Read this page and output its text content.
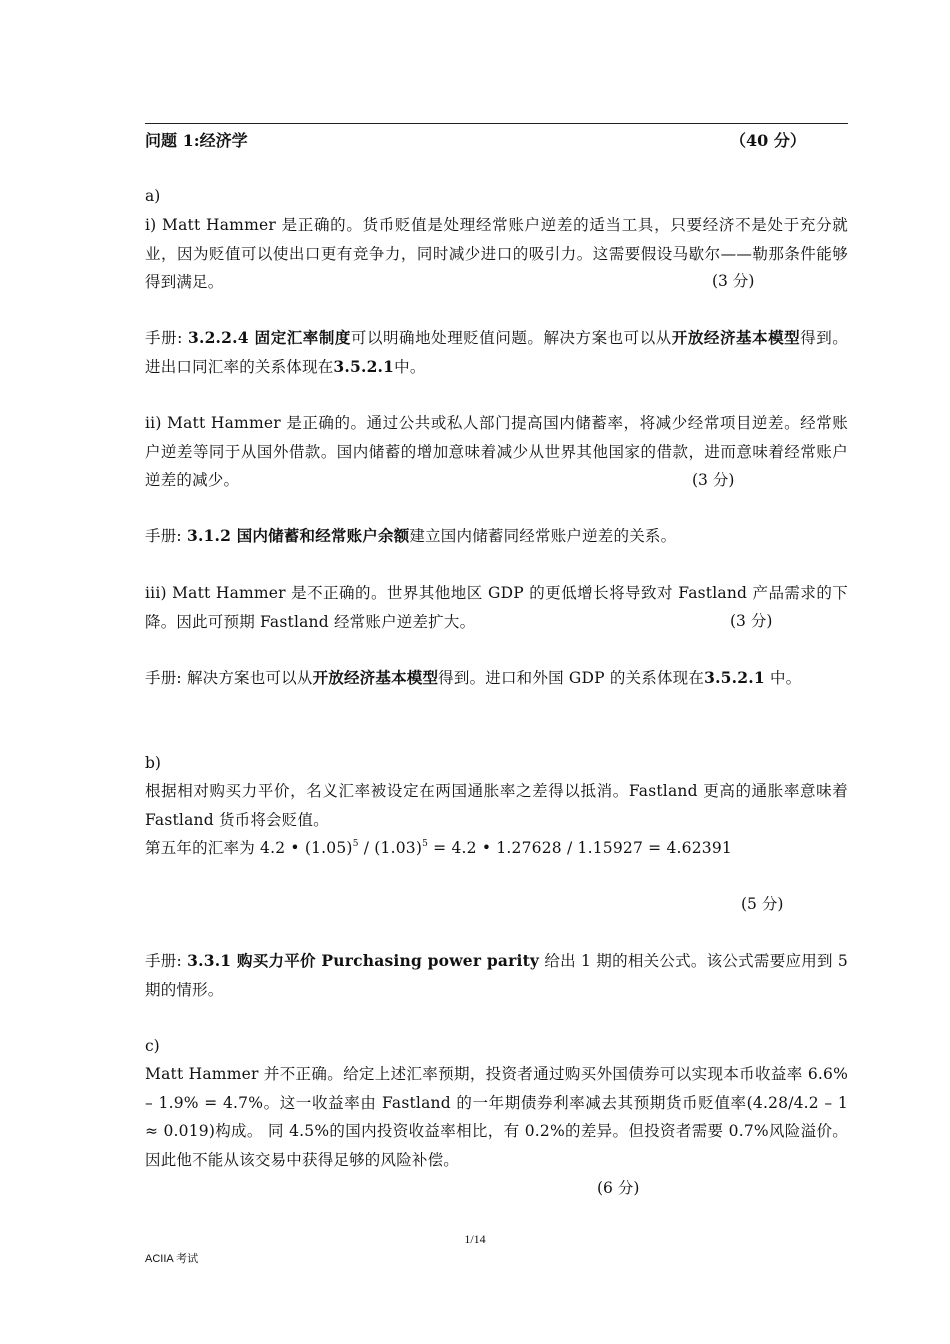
问题 1:经济学	（40 分）
a)
i) Matt Hammer 是正确的。货币贬值是处理经常账户逆差的适当工具，只要经济不是处于充分就业，因为贬值可以使出口更有竞争力，同时减少进口的吸引力。这需要假设马歇尔——勒那条件能够得到满足。	(3 分)
手册: 3.2.2.4 固定汇率制度可以明确地处理贬值问题。解决方案也可以从开放经济基本模型得到。进出口同汇率的关系体现在3.5.2.1中。
ii) Matt Hammer 是正确的。通过公共或私人部门提高国内储蓄率，将减少经常项目逆差。经常账户逆差等同于从国外借款。国内储蓄的增加意味着减少从世界其他国家的借款，进而意味着经常账户逆差的减少。	(3 分)
手册: 3.1.2 国内储蓄和经常账户余额建立国内储蓄同经常账户逆差的关系。
iii) Matt Hammer 是不正确的。世界其他地区 GDP 的更低增长将导致对 Fastland 产品需求的下降。因此可预期 Fastland 经常账户逆差扩大。	(3 分)
手册: 解决方案也可以从开放经济基本模型得到。进口和外国 GDP 的关系体现在3.5.2.1 中。
b)
根据相对购买力平价，名义汇率被设定在两国通胀率之差得以抵消。Fastland 更高的通胀率意味着 Fastland 货币将会贬值。
第五年的汇率为 4.2 • $(1.05)^5 / (1.03)^5 = 4.2$ • 1.27628 / 1.15927 = 4.62391
(5 分)
手册: 3.3.1 购买力平价 Purchasing power parity 给出 1 期的相关公式。该公式需要应用到 5 期的情形。
c)
Matt Hammer 并不正确。给定上述汇率预期，投资者通过购买外国债券可以实现本币收益率 6.6% – 1.9% = 4.7%。这一收益率由 Fastland 的一年期债券利率减去其预期货币贬值率(4.28/4.2 – 1 ≈ 0.019)构成。 同 4.5%的国内投资收益率相比，有 0.2%的差异。但投资者需要 0.7%风险溢价。因此他不能从该交易中获得足够的风险补偿。
(6 分)
1/14
ACIIA 考试
